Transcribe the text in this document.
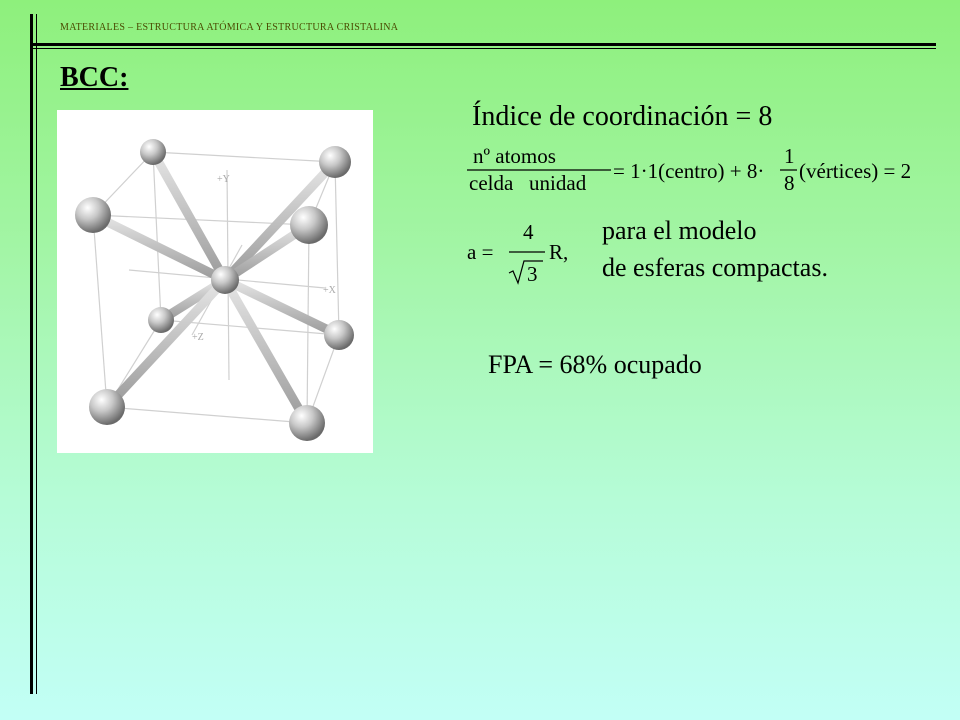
MATERIALES – ESTRUCTURA ATÓMICA Y ESTRUCTURA CRISTALINA
BCC:
+Y
+X
+Z
Índice de coordinación = 8
nº atomos
celda   unidad = 1·1(centro) + 8·
1
8 (vértices) = 2
a =
4
3
R,
para el modelo
de esferas compactas.
FPA = 68% ocupado
